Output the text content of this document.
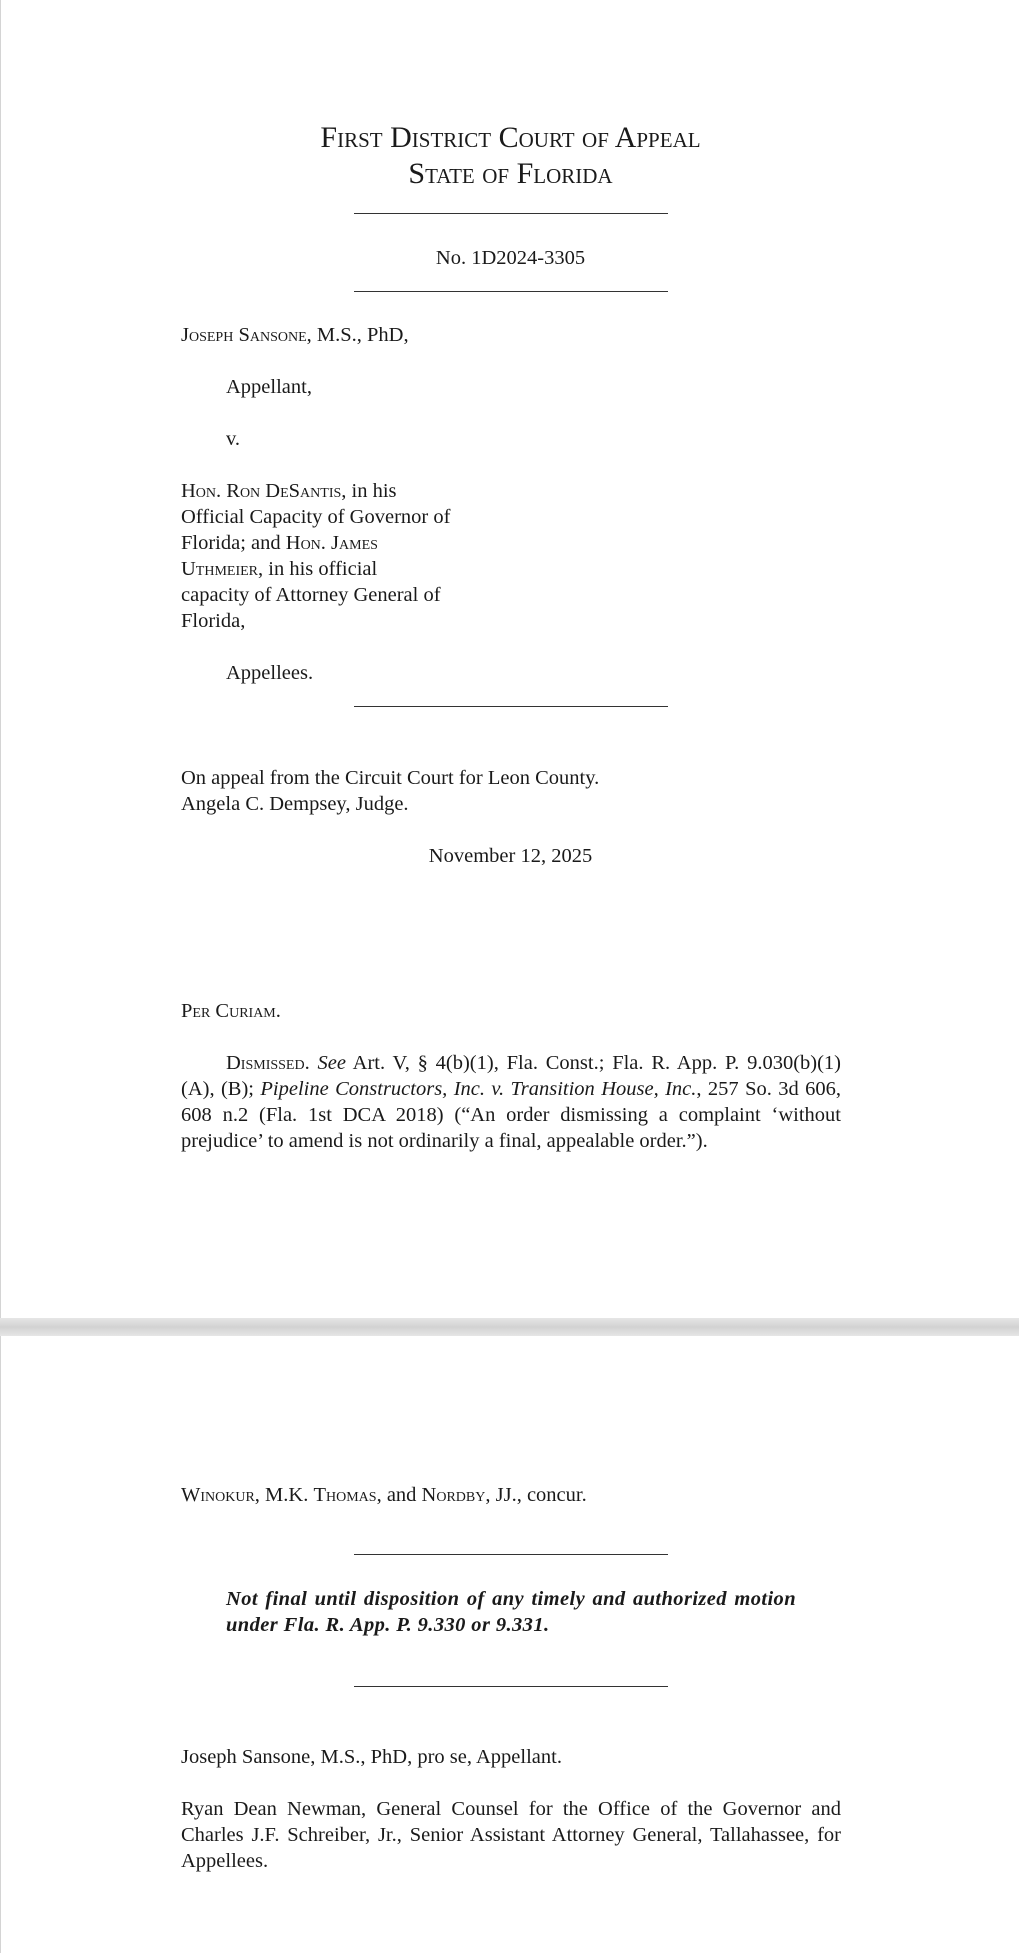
First District Court of Appeal
State of Florida
No. 1D2024-3305
Joseph Sansone, M.S., PhD,
Appellant,
v.
Hon. Ron DeSantis, in his
Official Capacity of Governor of
Florida; and Hon. James
Uthmeier, in his official
capacity of Attorney General of
Florida,
Appellees.
On appeal from the Circuit Court for Leon County.
Angela C. Dempsey, Judge.
November 12, 2025
Per Curiam.
Dismissed. See Art. V, § 4(b)(1), Fla. Const.; Fla. R. App. P. 9.030(b)(1)(A), (B); Pipeline Constructors, Inc. v. Transition House, Inc., 257 So. 3d 606, 608 n.2 (Fla. 1st DCA 2018) (“An order dismissing a complaint ‘without prejudice’ to amend is not ordinarily a final, appealable order.”).
Winokur, M.K. Thomas, and Nordby, JJ., concur.
Not final until disposition of any timely and authorized motion under Fla. R. App. P. 9.330 or 9.331.
Joseph Sansone, M.S., PhD, pro se, Appellant.
Ryan Dean Newman, General Counsel for the Office of the Governor and Charles J.F. Schreiber, Jr., Senior Assistant Attorney General, Tallahassee, for Appellees.
